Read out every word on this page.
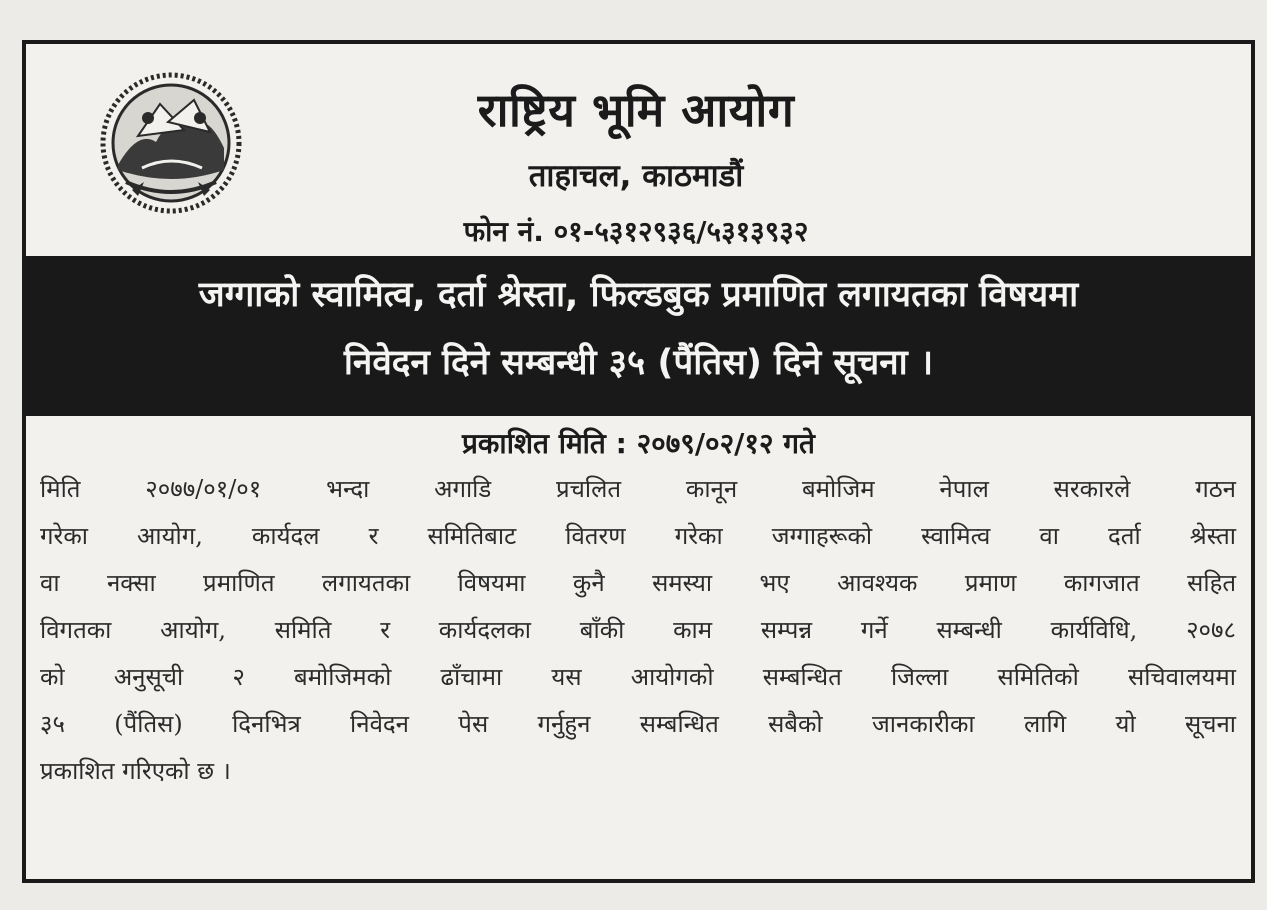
राष्ट्रिय भूमि आयोग
ताहाचल, काठमाडौं
फोन नं. ०१-५३१२९३६/५३१३९३२
जग्गाको स्वामित्व, दर्ता श्रेस्ता, फिल्डबुक प्रमाणित लगायतका विषयमा
निवेदन दिने सम्बन्धी ३५ (पैंतिस) दिने सूचना ।
प्रकाशित मिति : २०७९/०२/१२ गते
मिति २०७७/०१/०१ भन्दा अगाडि प्रचलित कानून बमोजिम नेपाल सरकारले गठन
गरेका आयोग, कार्यदल र समितिबाट वितरण गरेका जग्गाहरूको स्वामित्व वा दर्ता श्रेस्ता
वा नक्सा प्रमाणित लगायतका विषयमा कुनै समस्या भए आवश्यक प्रमाण कागजात सहित
विगतका आयोग, समिति र कार्यदलका बाँकी काम सम्पन्न गर्ने सम्बन्धी कार्यविधि, २०७८
को अनुसूची २ बमोजिमको ढाँचामा यस आयोगको सम्बन्धित जिल्ला समितिको सचिवालयमा
३५ (पैंतिस) दिनभित्र निवेदन पेस गर्नुहुन सम्बन्धित सबैको जानकारीका लागि यो सूचना
प्रकाशित गरिएको छ ।
